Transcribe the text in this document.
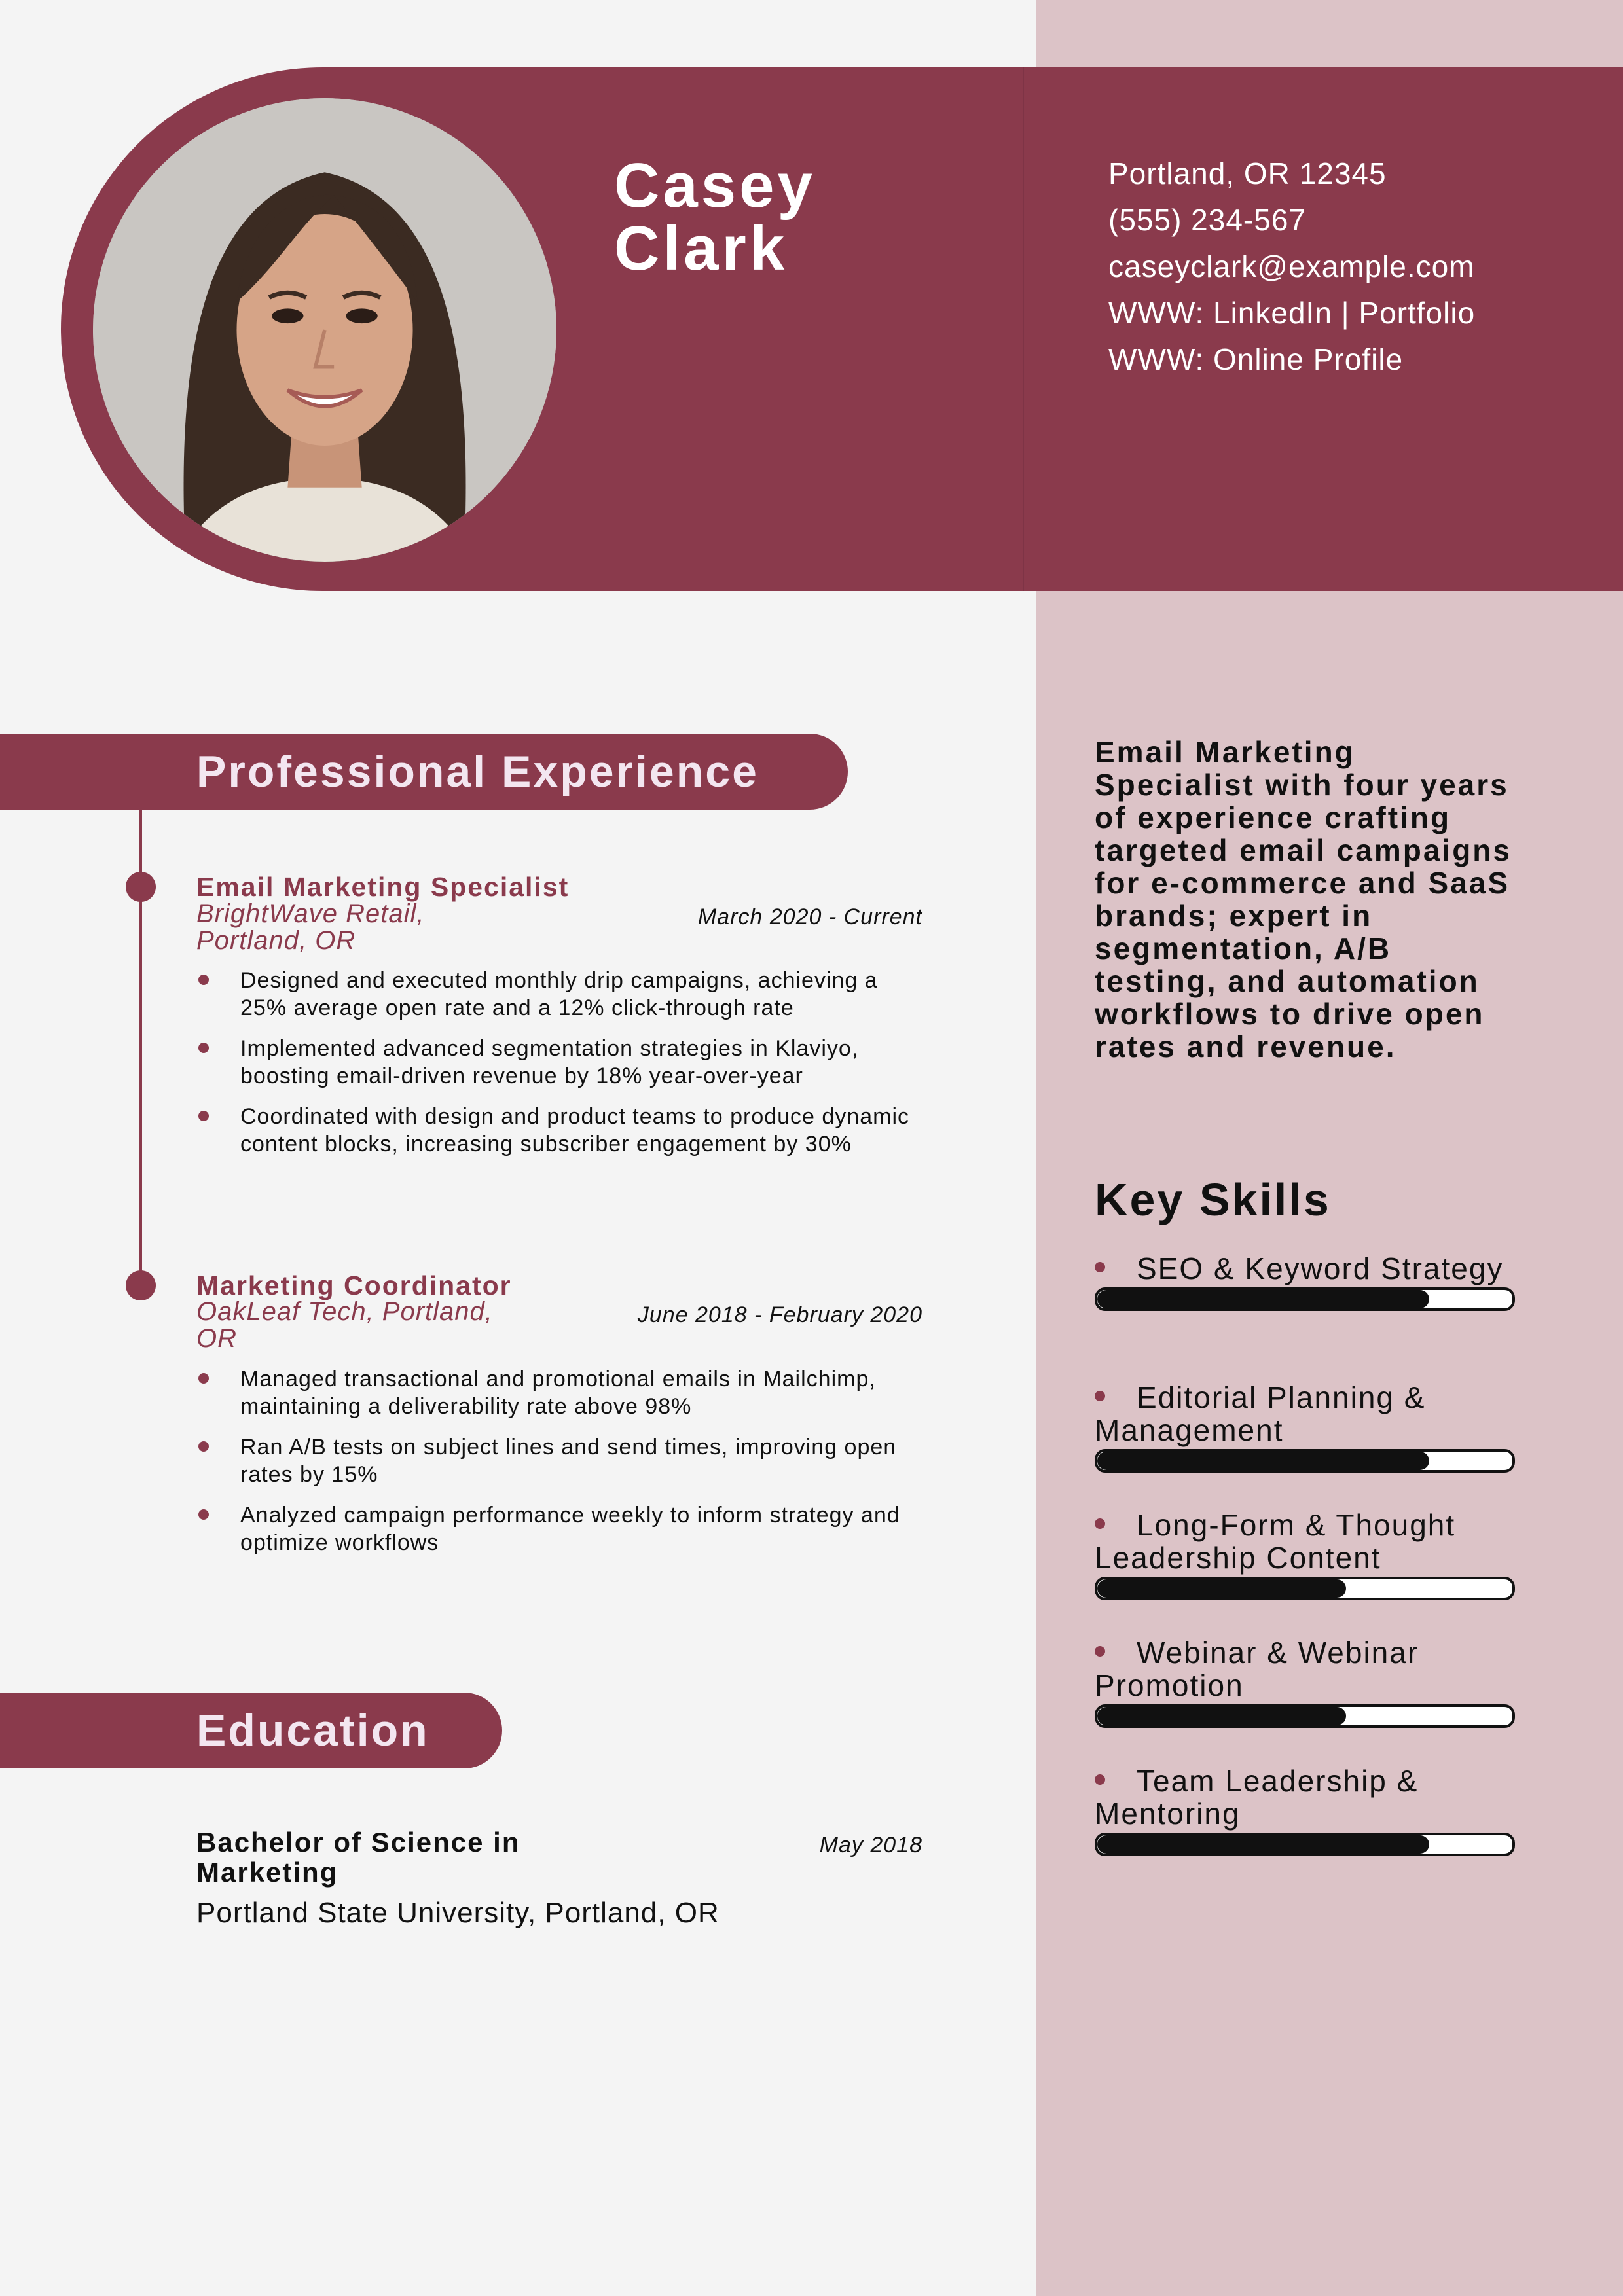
Casey
Clark
Portland, OR 12345
(555) 234-567
caseyclark@example.com
WWW: LinkedIn | Portfolio
WWW: Online Profile
Professional Experience
Email Marketing Specialist
BrightWave Retail,
Portland, OR
March 2020 - Current
Designed and executed monthly drip campaigns, achieving a 25% average open rate and a 12% click-through rate
Implemented advanced segmentation strategies in Klaviyo, boosting email-driven revenue by 18% year-over-year
Coordinated with design and product teams to produce dynamic content blocks, increasing subscriber engagement by 30%
Marketing Coordinator
OakLeaf Tech, Portland,
OR
June 2018 - February 2020
Managed transactional and promotional emails in Mailchimp, maintaining a deliverability rate above 98%
Ran A/B tests on subject lines and send times, improving open rates by 15%
Analyzed campaign performance weekly to inform strategy and optimize workflows
Education
Bachelor of Science in Marketing
May 2018
Portland State University, Portland, OR
Email Marketing Specialist with four years of experience crafting targeted email campaigns for e-commerce and SaaS brands; expert in segmentation, A/B testing, and automation workflows to drive open rates and revenue.
Key Skills
SEO & Keyword Strategy
Editorial Planning & Management
Long-Form & Thought Leadership Content
Webinar & Webinar Promotion
Team Leadership & Mentoring
